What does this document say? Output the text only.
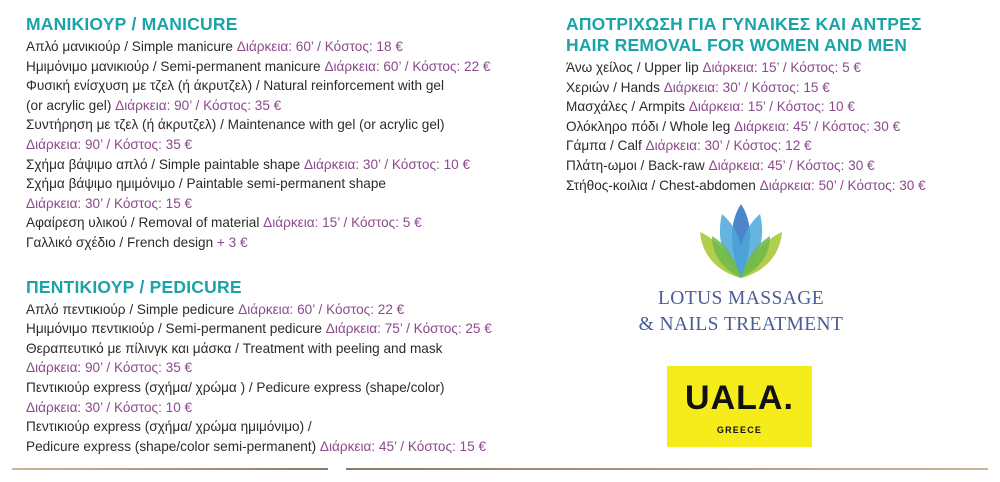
ΜΑΝΙΚΙΟΥΡ / MANICURE
Απλό μανικιούρ / Simple manicure Διάρκεια: 60’ / Κόστος: 18 €
Ημιμόνιμο μανικιούρ / Semi-permanent manicure Διάρκεια: 60’ / Κόστος: 22 €
Φυσική ενίσχυση με τζελ (ή άκρυτζελ) / Natural reinforcement with gel
(or acrylic gel) Διάρκεια: 90’ / Κόστος: 35 €
Συντήρηση με τζελ (ή άκρυτζελ) / Maintenance with gel (or acrylic gel)
Διάρκεια: 90’ / Κόστος: 35 €
Σχήμα βάψιμο απλό / Simple paintable shape Διάρκεια: 30’ / Κόστος: 10 €
Σχήμα βάψιμο ημιμόνιμο / Paintable semi-permanent shape
Διάρκεια: 30’ / Κόστος: 15 €
Αφαίρεση υλικού / Removal of material Διάρκεια: 15’ / Κόστος: 5 €
Γαλλικό σχέδιο / French design + 3 €
ΠΕΝΤΙΚΙΟΥΡ / PEDICURE
Απλό πεντικιούρ / Simple pedicure Διάρκεια: 60’ / Κόστος: 22 €
Ημιμόνιμο πεντικιούρ / Semi-permanent pedicure Διάρκεια: 75’ / Κόστος: 25 €
Θεραπευτικό με πίλινγκ και μάσκα / Treatment with peeling and mask
Διάρκεια: 90’ / Κόστος: 35 €
Πεντικιούρ express (σχήμα/ χρώμα ) / Pedicure express (shape/color)
Διάρκεια: 30’ / Κόστος: 10 €
Πεντικιούρ express (σχήμα/ χρώμα ημιμόνιμο) /
Pedicure express (shape/color semi-permanent) Διάρκεια: 45’ / Κόστος: 15 €
ΑΠΟΤΡΙΧΩΣΗ ΓΙΑ ΓΥΝΑΙΚΕΣ ΚΑΙ ΑΝΤΡΕΣ
HAIR REMOVAL FOR WOMEN AND MEN
Άνω χείλος / Upper lip Διάρκεια: 15’ / Κόστος: 5 €
Χεριών / Hands Διάρκεια: 30’ / Κόστος: 15 €
Μασχάλες / Armpits Διάρκεια: 15’ / Κόστος: 10 €
Ολόκληρο πόδι / Whole leg Διάρκεια: 45’ / Κόστος: 30 €
Γάμπα / Calf Διάρκεια: 30’ / Κόστος: 12 €
Πλάτη-ωμοι / Back-raw Διάρκεια: 45’ / Κόστος: 30 €
Στήθος-κοιλια / Chest-abdomen Διάρκεια: 50’ / Κόστος: 30 €
LOTUS MASSAGE
& NAILS TREATMENT
UALA.
GREECE
